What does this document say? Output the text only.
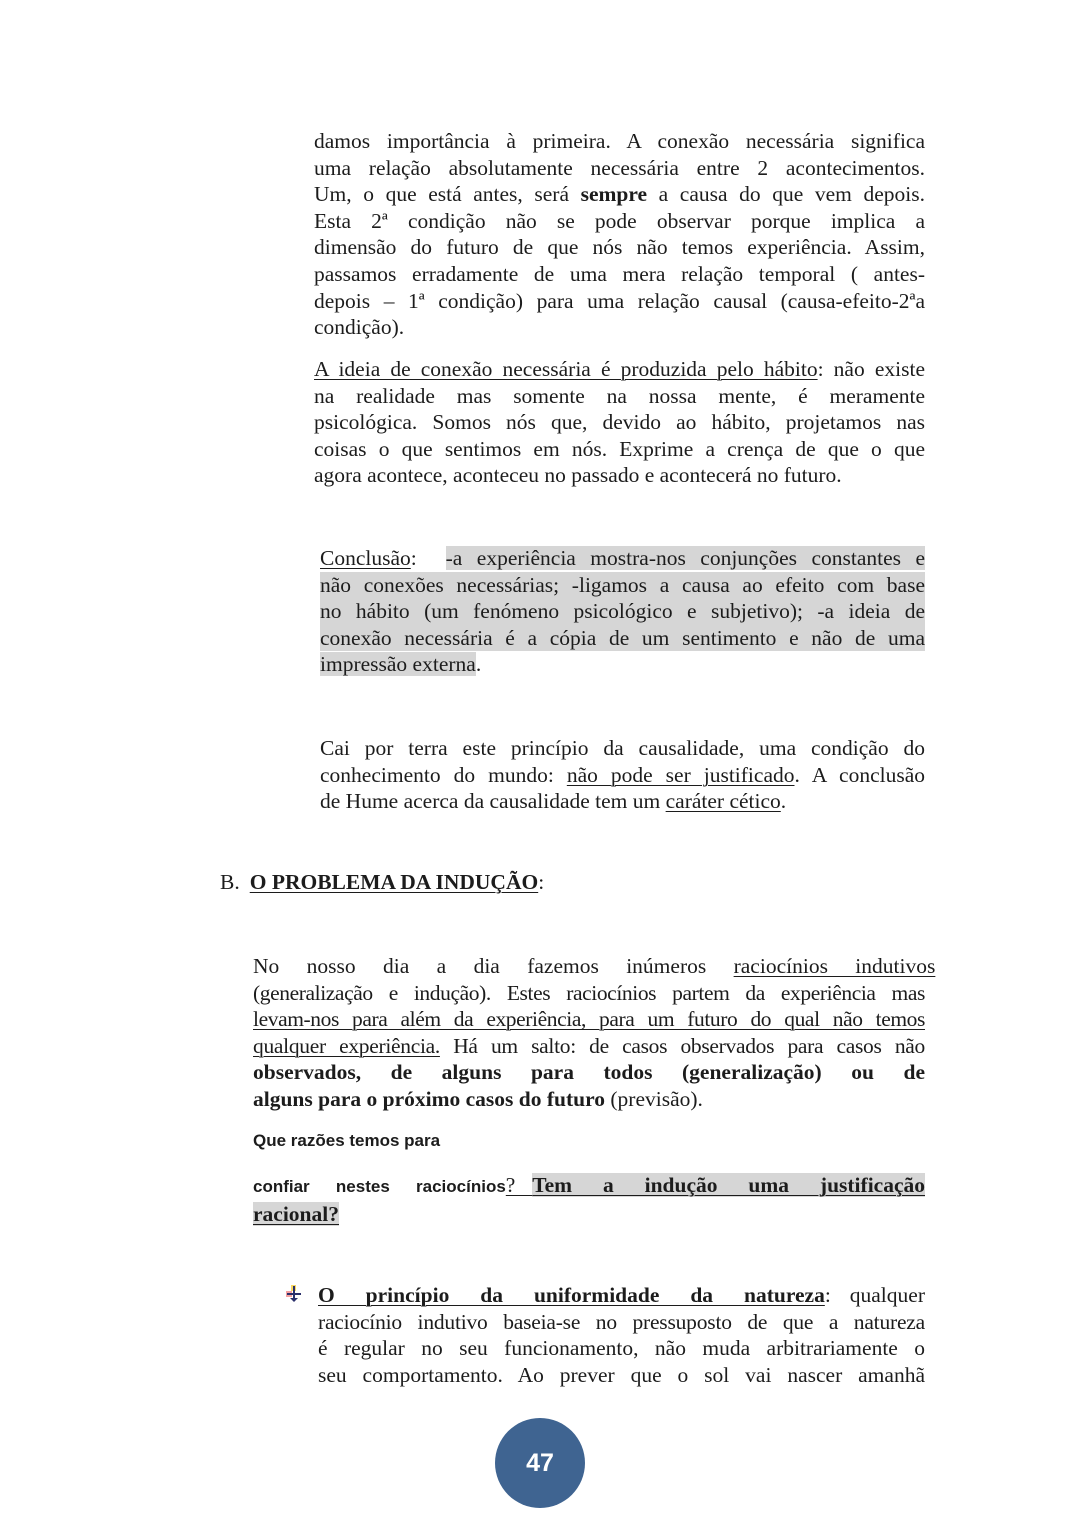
damos importância à primeira. A conexão necessária significa
uma relação absolutamente necessária entre 2 acontecimentos.
Um, o que está antes, será sempre a causa do que vem depois.
Esta 2ª condição não se pode observar porque implica a
dimensão do futuro de que nós não temos experiência. Assim,
passamos erradamente de uma mera relação temporal ( antes-
depois – 1ª condição) para uma relação causal (causa-efeito-2ªa
condição).
A ideia de conexão necessária é produzida pelo hábito: não existe
na realidade mas somente na nossa mente, é meramente
psicológica. Somos nós que, devido ao hábito, projetamos nas
coisas o que sentimos em nós. Exprime a crença de que o que
agora acontece, aconteceu no passado e acontecerá no futuro.
Conclusão:  -a experiência mostra-nos conjunções constantes e
não conexões necessárias; -ligamos a causa ao efeito com base
no hábito (um fenómeno psicológico e subjetivo); -a ideia de
conexão necessária é a cópia de um sentimento e não de uma
impressão externa.
Cai por terra este princípio da causalidade, uma condição do
conhecimento do mundo: não pode ser justificado. A conclusão
de Hume acerca da causalidade tem um caráter cético.
B. O PROBLEMA DA INDUÇÃO:
No nosso dia a dia fazemos inúmeros raciocínios indutivos
(generalização e indução). Estes raciocínios partem da experiência mas
levam-nos para além da experiência, para um futuro do qual não temos
qualquer experiência. Há um salto: de casos observados para casos não
observados, de alguns para todos (generalização) ou de
alguns para o próximo casos do futuro (previsão).
Que razões temos para
confiar nestes raciocínios? Tem a indução uma justificação
racional?
O princípio da uniformidade da natureza: qualquer
raciocínio indutivo baseia-se no pressuposto de que a natureza
é regular no seu funcionamento, não muda arbitrariamente o
seu comportamento. Ao prever que o sol vai nascer amanhã
47
